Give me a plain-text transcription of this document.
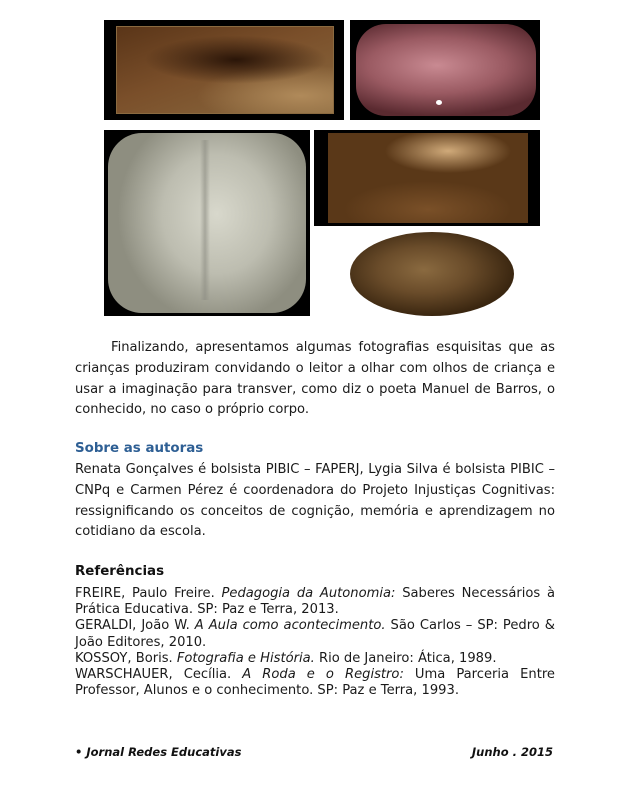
Finalizando, apresentamos algumas fotografias esquisitas que as crianças produziram convidando o leitor a olhar com olhos de criança e usar a imaginação para transver, como diz o poeta Manuel de Barros, o conhecido, no caso o próprio corpo.

Sobre as autoras

Renata Gonçalves é bolsista PIBIC – FAPERJ, Lygia Silva é bolsista PIBIC – CNPq e Carmen Pérez é coordenadora do Projeto Injustiças Cognitivas: ressignificando os conceitos de cognição, memória e aprendizagem no cotidiano da escola.

Referências

FREIRE, Paulo Freire. Pedagogia da Autonomia: Saberes Necessários à Prática Educativa. SP: Paz e Terra, 2013.

GERALDI, João W. A Aula como acontecimento. São Carlos – SP: Pedro & João Editores, 2010.

KOSSOY, Boris. Fotografia e História. Rio de Janeiro: Ática, 1989.

WARSCHAUER, Cecília. A Roda e o Registro: Uma Parceria Entre Professor, Alunos e o conhecimento. SP: Paz e Terra, 1993.

• Jornal Redes Educativas	Junho . 2015
